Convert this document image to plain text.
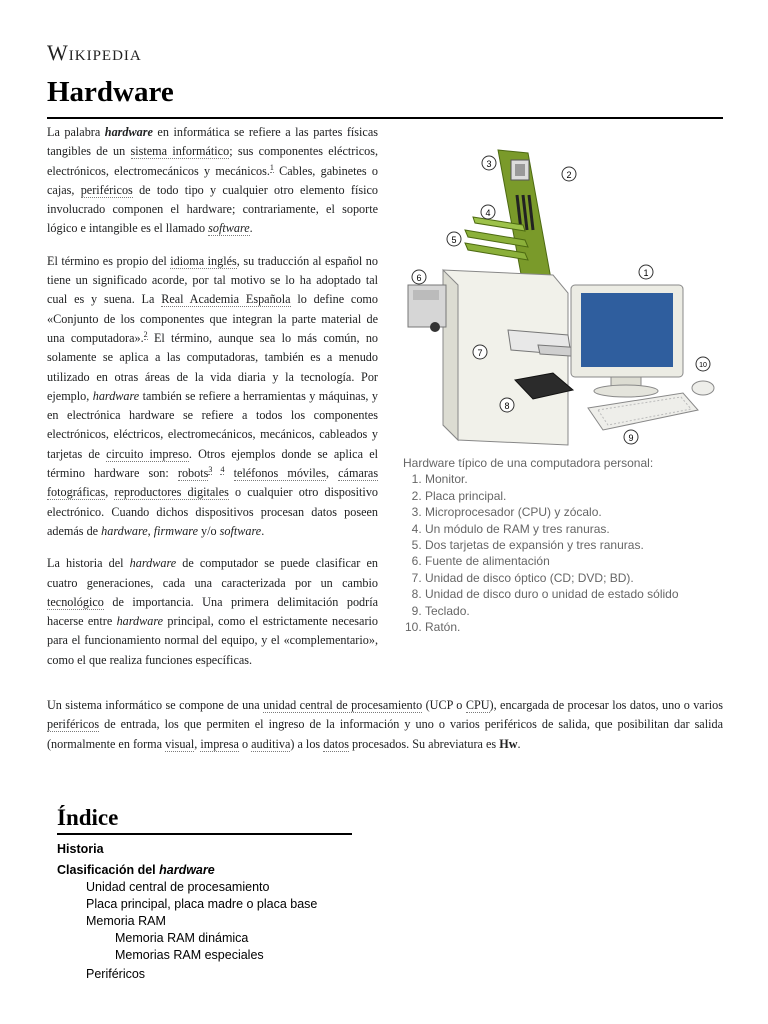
Wikipedia
Hardware

La palabra hardware en informática se refiere a las partes físicas tangibles de un sistema informático; sus componentes eléctricos, electrónicos, electromecánicos y mecánicos.$^1$ Cables, gabinetes o cajas, periféricos de todo tipo y cualquier otro elemento físico involucrado componen el hardware; contrariamente, el soporte lógico e intangible es el llamado software.

El término es propio del idioma inglés, su traducción al español no tiene un significado acorde, por tal motivo se lo ha adoptado tal cual es y suena. La Real Academia Española lo define como «Conjunto de los componentes que integran la parte material de una computadora».$^2$ El término, aunque sea lo más común, no solamente se aplica a las computadoras, también es a menudo utilizado en otras áreas de la vida diaria y la tecnología. Por ejemplo, hardware también se refiere a herramientas y máquinas, y en electrónica hardware se refiere a todos los componentes electrónicos, eléctricos, electromecánicos, mecánicos, cableados y tarjetas de circuito impreso. Otros ejemplos donde se aplica el término hardware son: robots$^{3 4}$ teléfonos móviles, cámaras fotográficas, reproductores digitales o cualquier otro dispositivo electrónico. Cuando dichos dispositivos procesan datos poseen además de hardware, firmware y/o software.

La historia del hardware de computador se puede clasificar en cuatro generaciones, cada una caracterizada por un cambio tecnológico de importancia. Una primera delimitación podría hacerse entre hardware principal, como el estrictamente necesario para el funcionamiento normal del equipo, y el «complementario», como el que realiza funciones específicas.

1
2
3
4
5
6
7
8
9
10
Hardware típico de una computadora personal:
1. Monitor.
2. Placa principal.
3. Microprocesador (CPU) y zócalo.
4. Un módulo de RAM y tres ranuras.
5. Dos tarjetas de expansión y tres ranuras.
6. Fuente de alimentación
7. Unidad de disco óptico (CD; DVD; BD).
8. Unidad de disco duro o unidad de estado sólido
9. Teclado.
10. Ratón.

Un sistema informático se compone de una unidad central de procesamiento (UCP o CPU), encargada de procesar los datos, uno o varios periféricos de entrada, los que permiten el ingreso de la información y uno o varios periféricos de salida, que posibilitan dar salida (normalmente en forma visual, impresa o auditiva) a los datos procesados. Su abreviatura es Hw.

Índice
Historia
Clasificación del hardware
Unidad central de procesamiento
Placa principal, placa madre o placa base
Memoria RAM
Memoria RAM dinámica
Memorias RAM especiales
Periféricos
